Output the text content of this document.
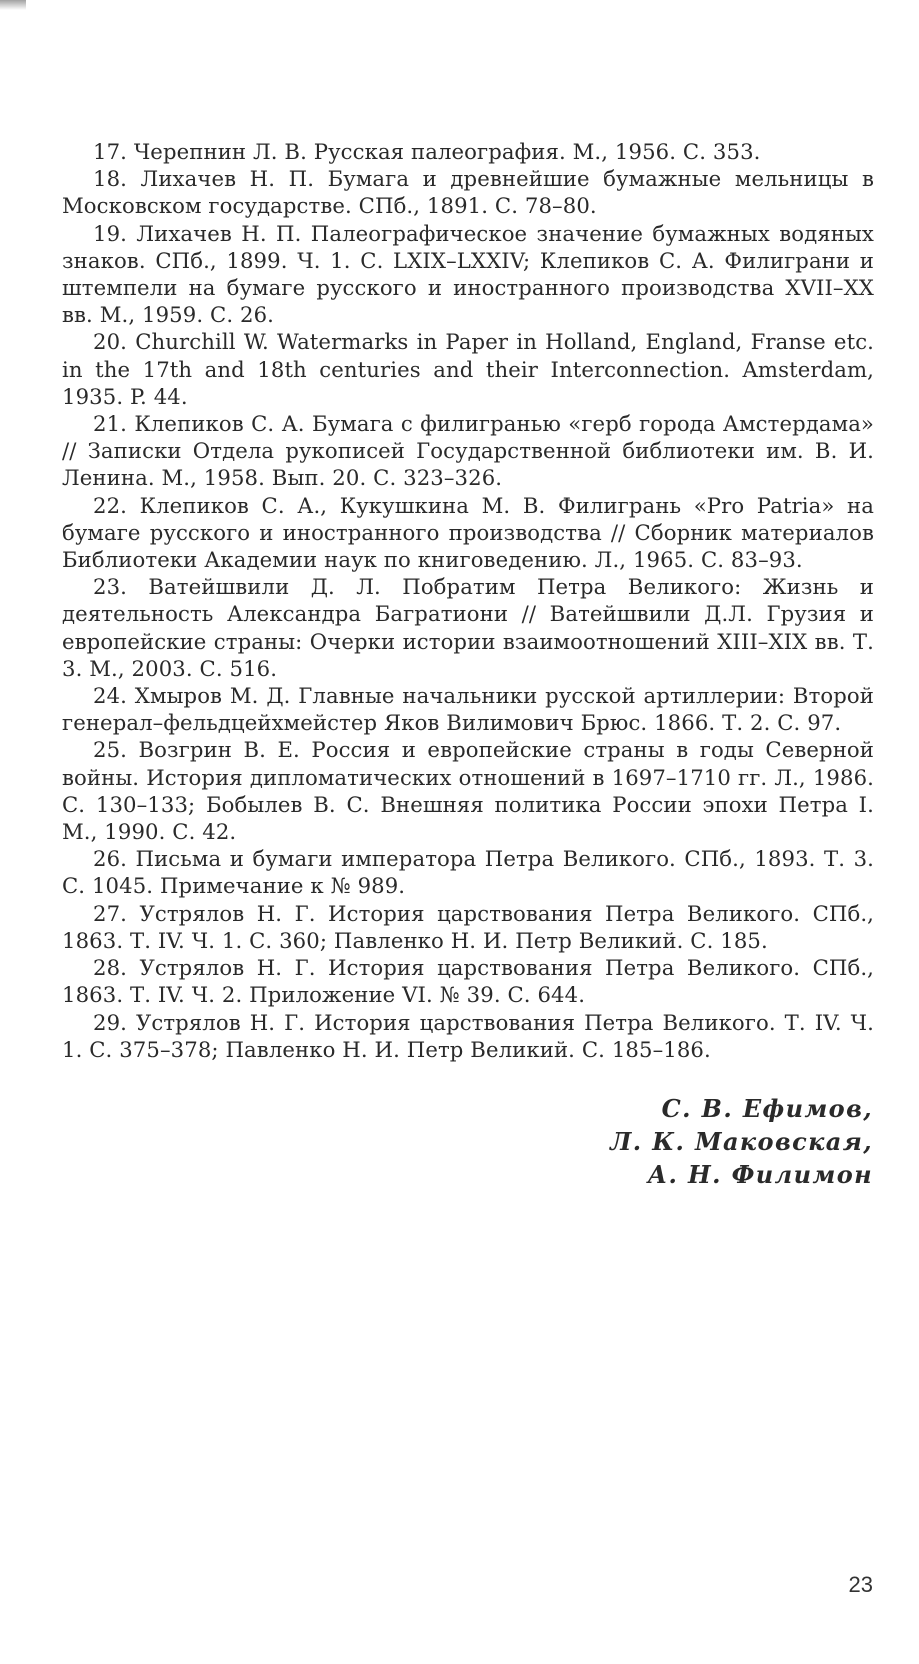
17. Черепнин Л. В. Русская палеография. М., 1956. С. 353.
18. Лихачев Н. П. Бумага и древнейшие бумажные мельницы в Московском государстве. СПб., 1891. С. 78–80.
19. Лихачев Н. П. Палеографическое значение бумажных водяных знаков. СПб., 1899. Ч. 1. С. LXIX–LXXIV; Клепиков С. А. Филиграни и штемпели на бумаге русского и иностранного производства XVII–XX вв. М., 1959. С. 26.
20. Churchill W. Watermarks in Paper in Holland, England, Franse etc. in the 17th and 18th centuries and their Interconnection. Amsterdam, 1935. P. 44.
21. Клепиков С. А. Бумага с филигранью «герб города Амстердама» // Записки Отдела рукописей Государственной библиотеки им. В. И. Ленина. М., 1958. Вып. 20. С. 323–326.
22. Клепиков С. А., Кукушкина М. В. Филигрань «Pro Patria» на бумаге русского и иностранного производства // Сборник материалов Библиотеки Академии наук по книговедению. Л., 1965. С. 83–93.
23. Ватейшвили Д. Л. Побратим Петра Великого: Жизнь и деятельность Александра Багратиони // Ватейшвили Д.Л. Грузия и европейские страны: Очерки истории взаимоотношений XIII–XIX вв. Т. 3. М., 2003. С. 516.
24. Хмыров М. Д. Главные начальники русской артиллерии: Второй генерал–фельдцейхмейстер Яков Вилимович Брюс. 1866. Т. 2. С. 97.
25. Возгрин В. Е. Россия и европейские страны в годы Северной войны. История дипломатических отношений в 1697–1710 гг. Л., 1986. С. 130–133; Бобылев В. С. Внешняя политика России эпохи Петра I. М., 1990. С. 42.
26. Письма и бумаги императора Петра Великого. СПб., 1893. Т. 3. С. 1045. Примечание к № 989.
27. Устрялов Н. Г. История царствования Петра Великого. СПб., 1863. Т. IV. Ч. 1. С. 360; Павленко Н. И. Петр Великий. С. 185.
28. Устрялов Н. Г. История царствования Петра Великого. СПб., 1863. Т. IV. Ч. 2. Приложение VI. № 39. С. 644.
29. Устрялов Н. Г. История царствования Петра Великого. Т. IV. Ч. 1. С. 375–378; Павленко Н. И. Петр Великий. С. 185–186.
С. В. Ефимов,
Л. К. Маковская,
А. Н. Филимон
23
